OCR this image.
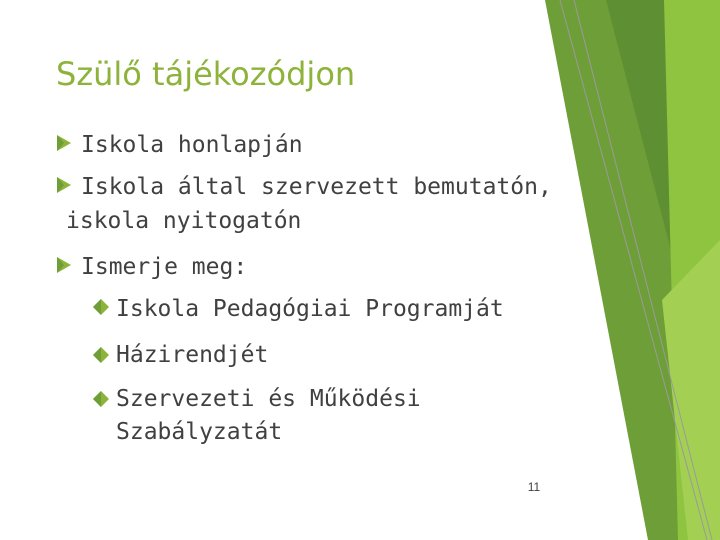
Szülő tájékozódjon
Iskola honlapján
Iskola által szervezett bemutatón,
iskola nyitogatón
Ismerje meg:
Iskola Pedagógiai Programját
Házirendjét
Szervezeti és Működési
Szabályzatát
11
